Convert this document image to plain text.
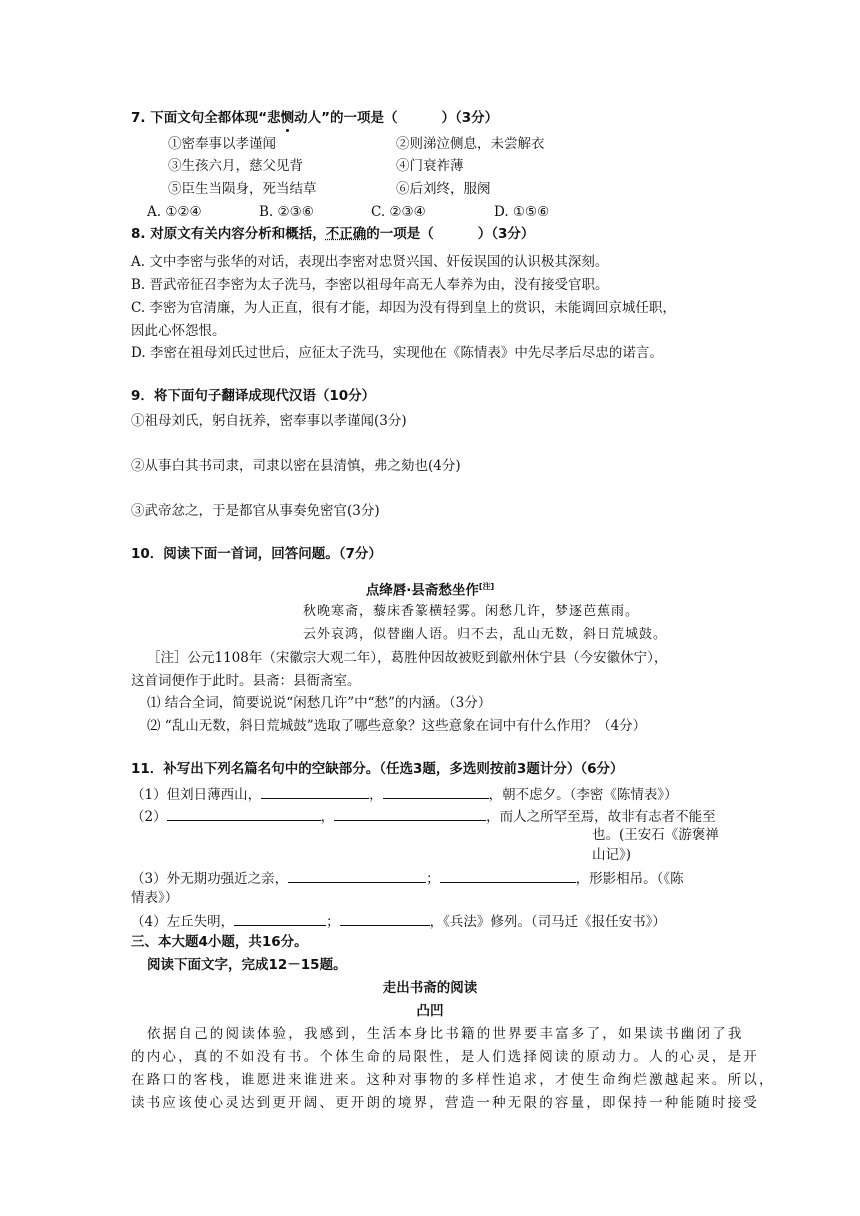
7. 下面文句全都体现“悲恻动人”的一项是（	）（3分）
①密奉事以孝谨闻	②则涕泣侧息，未尝解衣
③生孩六月，慈父见背	④门衰祚薄
⑤臣生当陨身，死当结草	⑥后刘终，服阕
A. ①②④	B. ②③⑥	C. ②③④	D. ①⑤⑥
8. 对原文有关内容分析和概括，不正确的一项是（	）（3分）
A. 文中李密与张华的对话，表现出李密对忠贤兴国、奸佞误国的认识极其深刻。
B. 晋武帝征召李密为太子洗马，李密以祖母年高无人奉养为由，没有接受官职。
C. 李密为官清廉，为人正直，很有才能，却因为没有得到皇上的赏识，未能调回京城任职，
因此心怀怨恨。
D. 李密在祖母刘氏过世后，应征太子洗马，实现他在《陈情表》中先尽孝后尽忠的诺言。
9．将下面句子翻译成现代汉语（10分）
①祖母刘氏，躬自抚养，密奉事以孝谨闻(3分)
②从事白其书司隶，司隶以密在县清慎，弗之劾也(4分)
③武帝忿之，于是都官从事奏免密官(3分)
10．阅读下面一首词，回答问题。（7分）
点绛唇·县斋愁坐作[注]
秋晚寒斋，藜床香篆横轻雾。闲愁几许，梦逐芭蕉雨。
云外哀鸿，似替幽人语。归不去，乱山无数，斜日荒城鼓。
［注］公元1108年（宋徽宗大观二年），葛胜仲因故被贬到歙州休宁县（今安徽休宁），
这首词便作于此时。县斋：县衙斋室。
⑴ 结合全词，简要说说“闲愁几许”中“愁”的内涵。（3分）
⑵ “乱山无数，斜日荒城鼓”选取了哪些意象？这些意象在词中有什么作用？（4分）
11．补写出下列名篇名句中的空缺部分。（任选3题，多选则按前3题计分）（6分）
（1）但刘日薄西山，	，	，朝不虑夕。（李密《陈情表》）
（2）	，	，而人之所罕至焉，故非有志者不能至
也。(王安石《游褒禅
山记》)
（3）外无期功强近之亲，	；	，形影相吊。（《陈
情表》）
（4）左丘失明，	；	，《兵法》修列。（司马迁《报任安书》）
三、本大题4小题，共16分。
阅读下面文字，完成12－15题。
走出书斋的阅读
凸凹
依据自己的阅读体验，我感到，生活本身比书籍的世界要丰富多了，如果读书幽闭了我
的内心，真的不如没有书。个体生命的局限性，是人们选择阅读的原动力。人的心灵，是开
在路口的客栈，谁愿进来谁进来。这种对事物的多样性追求，才使生命绚烂激越起来。所以，
读书应该使心灵达到更开阔、更开朗的境界，营造一种无限的容量，即保持一种能随时接受
